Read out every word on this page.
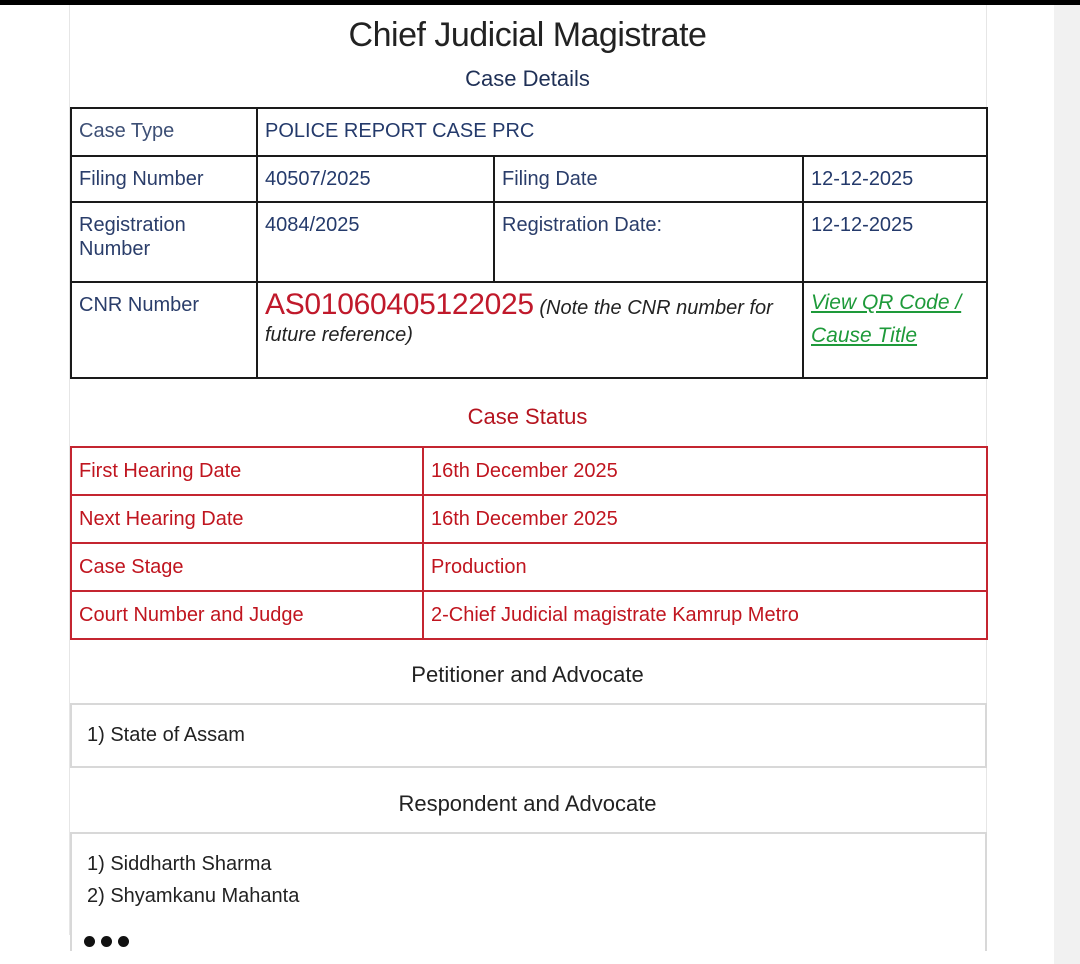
Chief Judicial Magistrate
Case Details
Case Type	POLICE REPORT CASE PRC		
Filing Number	40507/2025	Filing Date	12-12-2025
Registration Number	4084/2025	Registration Date:	12-12-2025
CNR Number	AS01060405122025 (Note the CNR number for future reference)		View QR Code / Cause Title
Case Status
First Hearing Date	16th December 2025
Next Hearing Date	16th December 2025
Case Stage	Production
Court Number and Judge	2-Chief Judicial magistrate Kamrup Metro
Petitioner and Advocate
1) State of Assam
Respondent and Advocate
1) Siddharth Sharma
2) Shyamkanu Mahanta
